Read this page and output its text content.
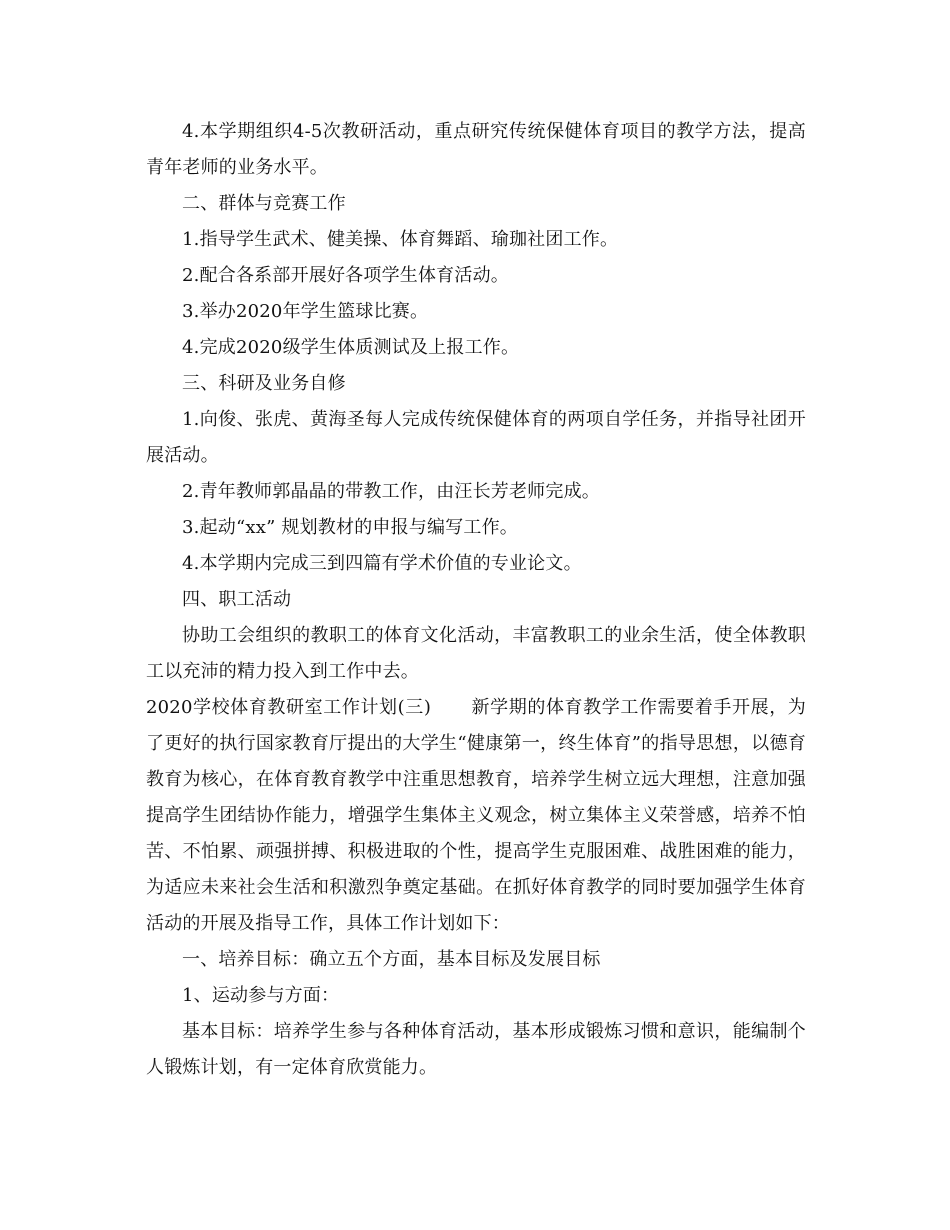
4.本学期组织4-5次教研活动，重点研究传统保健体育项目的教学方法，提高青年老师的业务水平。

二、群体与竞赛工作

1.指导学生武术、健美操、体育舞蹈、瑜珈社团工作。

2.配合各系部开展好各项学生体育活动。

3.举办2020年学生篮球比赛。

4.完成2020级学生体质测试及上报工作。

三、科研及业务自修

1.向俊、张虎、黄海圣每人完成传统保健体育的两项自学任务，并指导社团开展活动。

2.青年教师郭晶晶的带教工作，由汪长芳老师完成。

3.起动“xx” 规划教材的申报与编写工作。

4.本学期内完成三到四篇有学术价值的专业论文。

四、职工活动

协助工会组织的教职工的体育文化活动，丰富教职工的业余生活，使全体教职工以充沛的精力投入到工作中去。

2020学校体育教研室工作计划(三) 新学期的体育教学工作需要着手开展，为了更好的执行国家教育厅提出的大学生“健康第一，终生体育”的指导思想，以德育教育为核心，在体育教育教学中注重思想教育，培养学生树立远大理想，注意加强提高学生团结协作能力，增强学生集体主义观念，树立集体主义荣誉感，培养不怕苦、不怕累、顽强拼搏、积极进取的个性，提高学生克服困难、战胜困难的能力，为适应未来社会生活和积激烈争奠定基础。在抓好体育教学的同时要加强学生体育活动的开展及指导工作，具体工作计划如下：

一、培养目标：确立五个方面，基本目标及发展目标

1、运动参与方面：

基本目标：培养学生参与各种体育活动，基本形成锻炼习惯和意识，能编制个人锻炼计划，有一定体育欣赏能力。
